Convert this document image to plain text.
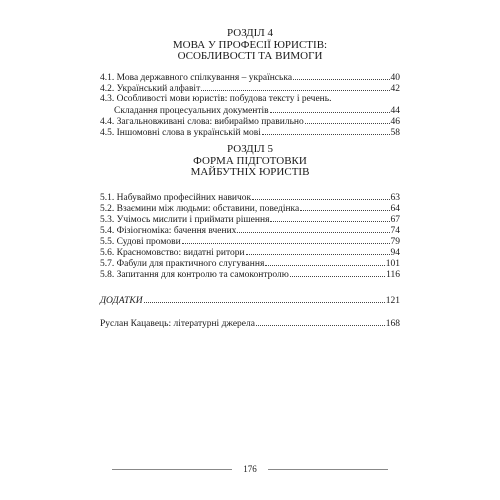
РОЗДІЛ 4
МОВА У ПРОФЕСІЇ ЮРИСТІВ:
ОСОБЛИВОСТІ ТА ВИМОГИ
4.1. Мова державного спілкування – українська	40
4.2. Український алфавіт	42
4.3. Особливості мови юристів: побудова тексту і речень.
Складання процесуальних документів	44
4.4. Загальновживані слова: вибираймо правильно	46
4.5. Іншомовні слова в українській мові	58
РОЗДІЛ 5
ФОРМА ПІДГОТОВКИ
МАЙБУТНІХ ЮРИСТІВ
5.1. Набуваймо професійних навичок	63
5.2. Взаємини між людьми: обставини, поведінка	64
5.3. Учімось мислити і приймати рішення	67
5.4. Фізіогноміка: бачення вчених	74
5.5. Судові промови	79
5.6. Красномовство: видатні ритори	94
5.7. Фабули для практичного слугування	101
5.8. Запитання для контролю та самоконтролю	116
ДОДАТКИ	121
Руслан Кацавець: літературні джерела	168
176
